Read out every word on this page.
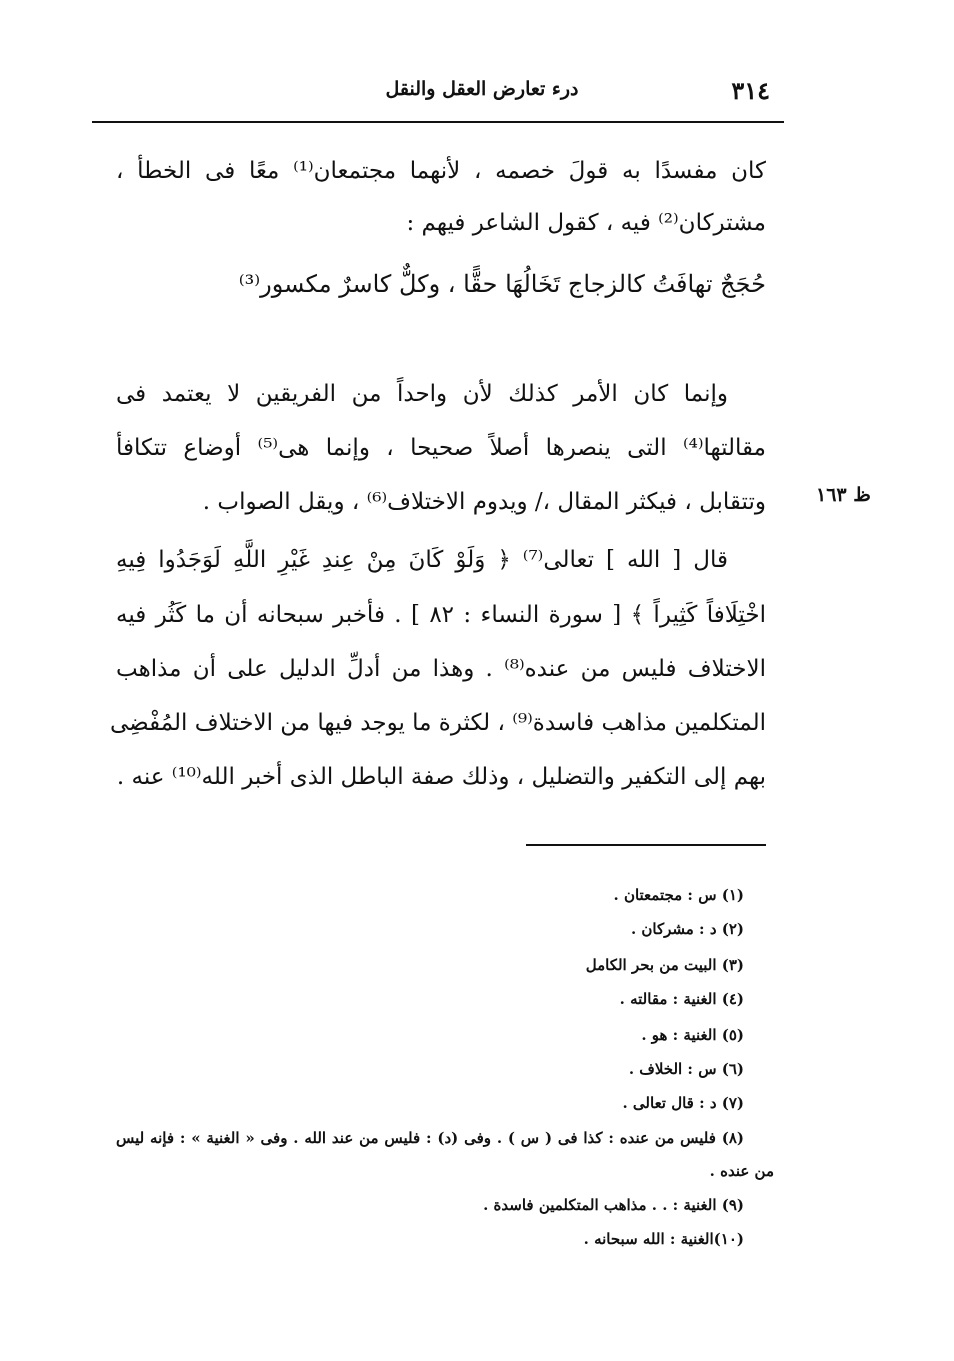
٣١٤
درء تعارض العقل والنقل
كان مفسدًا به قولَ خصمه ، لأنهما مجتمعان⁽¹⁾ معًا فى الخطأ ،
مشتركان⁽²⁾ فيه ، كقول الشاعر فيهم :
حُجَجٌ تهافَتُ كالزجاج تَخَالُهَا حقًّا ، وكلٌّ كاسرٌ مكسور⁽³⁾
وإنما كان الأمر كذلك لأن واحداً من الفريقين لا يعتمد فى
مقالتها⁽⁴⁾ التى ينصرها أصلاً صحيحا ، وإنما هى⁽⁵⁾ أوضاع تتكافأ
وتتقابل ، فيكثر المقال ،/ ويدوم الاختلاف⁽⁶⁾ ، ويقل الصواب .
قال [ الله ] تعالى⁽⁷⁾ ﴿ وَلَوْ كَانَ مِنْ عِندِ غَيْرِ اللَّهِ لَوَجَدُوا فِيهِ
اخْتِلَافاً كَثِيراً ﴾ [ سورة النساء : ٨٢ ] . فأخبر سبحانه أن ما كَثُر فيه
الاختلاف فليس من عنده⁽⁸⁾ . وهذا من أدلِّ الدليل على أن مذاهب
المتكلمين مذاهب فاسدة⁽⁹⁾ ، لكثرة ما يوجد فيها من الاختلاف المُفْضِى
بهم إلى التكفير والتضليل ، وذلك صفة الباطل الذى أخبر الله⁽¹⁰⁾ عنه .
ظ ١٦٣
(١) س : مجتمعتان .
(٢) د : مشركان .
(٣) البيت من بحر الكامل
(٤) الغنية : مقالته .
(٥) الغنية : هو .
(٦) س : الخلاف .
(٧) د : قال تعالى .
(٨) فليس من عنده : كذا فى ( س ) . وفى (د) : فليس من عند الله . وفى « الغنية » : فإنه ليس
من عنده .
(٩) الغنية : . . مذاهب المتكلمين فاسدة .
(١٠)الغنية : الله سبحانه .
